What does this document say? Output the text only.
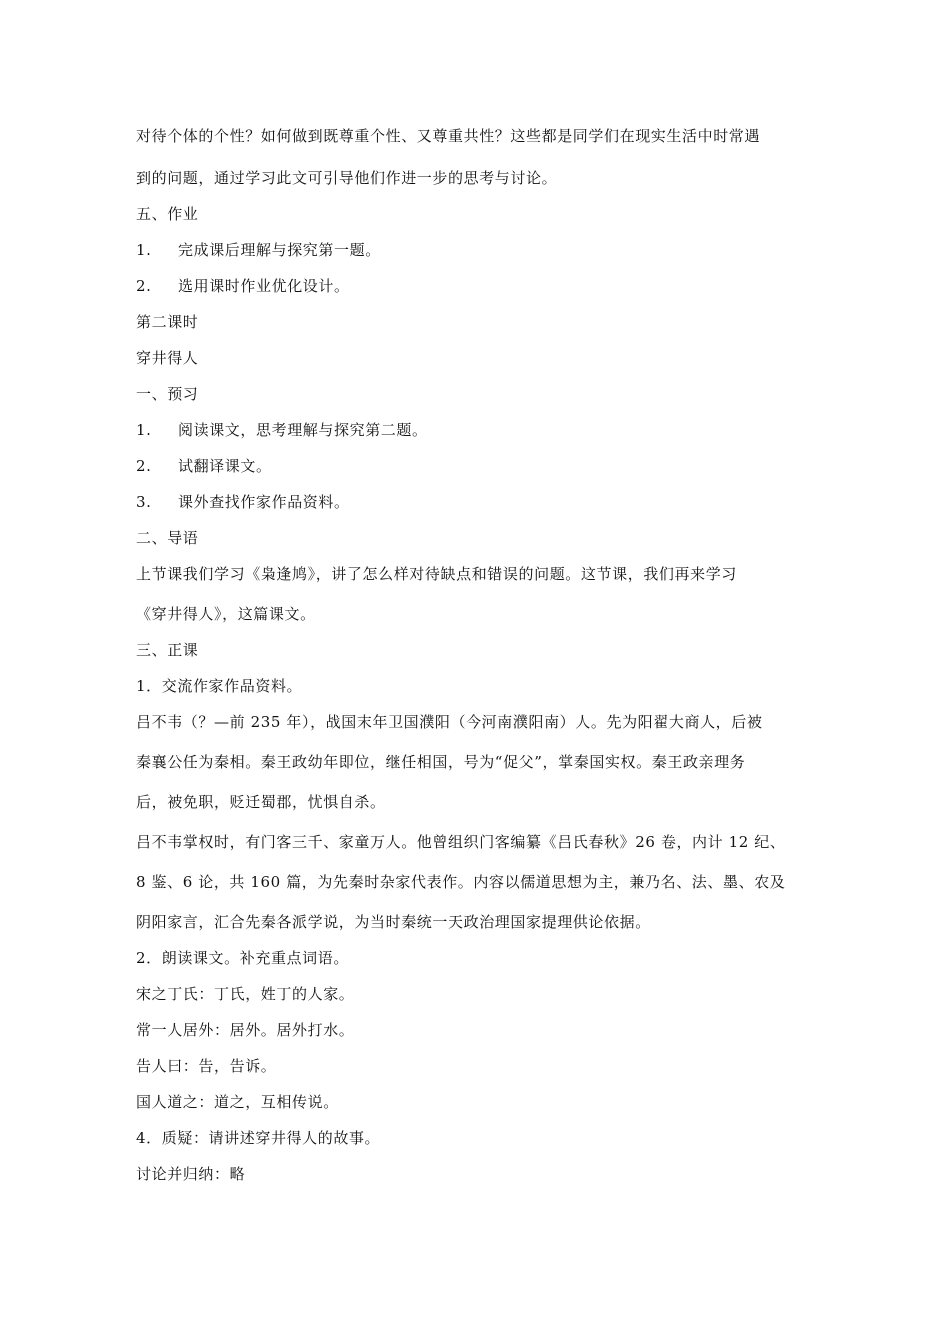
对待个体的个性？如何做到既尊重个性、又尊重共性？这些都是同学们在现实生活中时常遇
到的问题，通过学习此文可引导他们作进一步的思考与讨论。
五、作业
1. 完成课后理解与探究第一题。
2. 选用课时作业优化设计。
第二课时
穿井得人
一、预习
1. 阅读课文，思考理解与探究第二题。
2. 试翻译课文。
3. 课外查找作家作品资料。
二、导语
上节课我们学习《枭逢鸠》，讲了怎么样对待缺点和错误的问题。这节课，我们再来学习
《穿井得人》，这篇课文。
三、正课
1．交流作家作品资料。
吕不韦（？—前 235 年），战国末年卫国濮阳（今河南濮阳南）人。先为阳翟大商人，后被
秦襄公任为秦相。秦王政幼年即位，继任相国，号为“促父”，掌秦国实权。秦王政亲理务
后，被免职，贬迁蜀郡，忧惧自杀。
吕不韦掌权时，有门客三千、家童万人。他曾组织门客编纂《吕氏春秋》26 卷，内计 12 纪、
8 鉴、6 论，共 160 篇，为先秦时杂家代表作。内容以儒道思想为主，兼乃名、法、墨、农及
阴阳家言，汇合先秦各派学说，为当时秦统一天政治理国家提理供论依据。
2．朗读课文。补充重点词语。
宋之丁氏：丁氏，姓丁的人家。
常一人居外：居外。居外打水。
告人曰：告，告诉。
国人道之：道之，互相传说。
4．质疑：请讲述穿井得人的故事。
讨论并归纳：略
